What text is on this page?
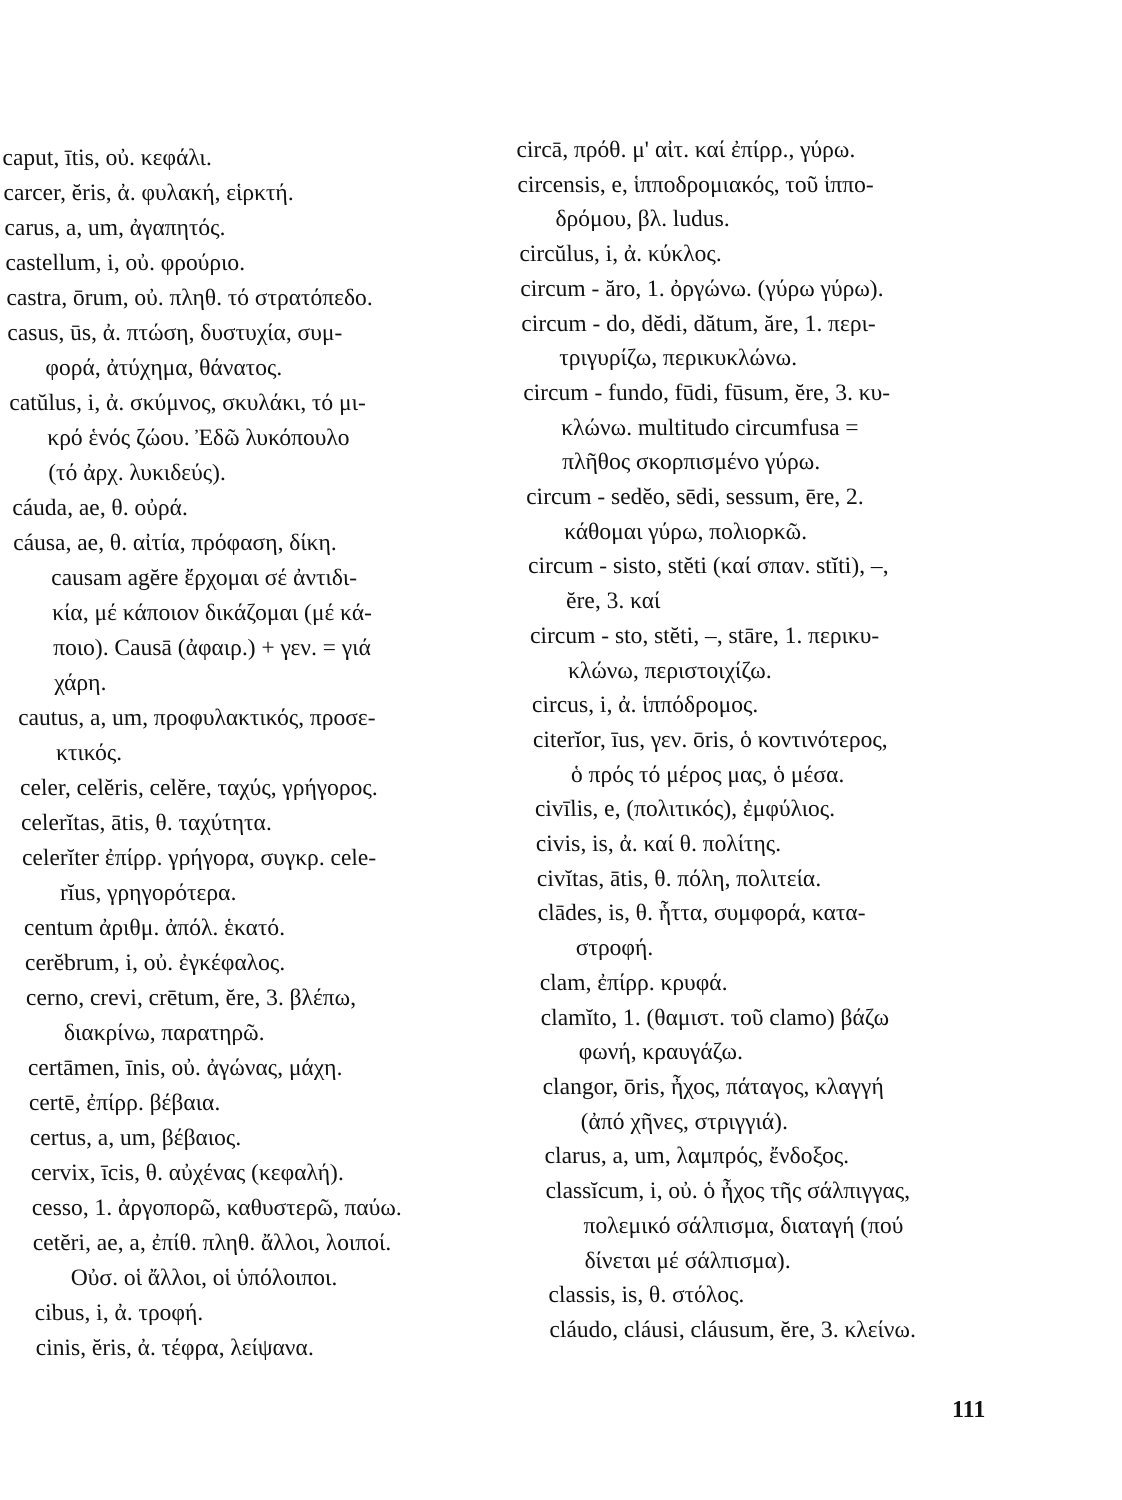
caput, ītis, οὐ. κεφάλι.
carcer, ĕris, ἀ. φυλακή, εἱρκτή.
carus, a, um, ἀγαπητός.
castellum, i, οὐ. φρούριο.
castra, ōrum, οὐ. πληθ. τό στρατόπεδο.
casus, ūs, ἀ. πτώση, δυστυχία, συμ-
φορά, ἀτύχημα, θάνατος.
catŭlus, i, ἀ. σκύμνος, σκυλάκι, τό μι-
κρό ἑνός ζώου. Ἐδῶ λυκόπουλο
(τό ἀρχ. λυκιδεύς).
cáuda, ae, θ. οὐρά.
cáusa, ae, θ. αἰτία, πρόφαση, δίκη.
causam agĕre ἔρχομαι σέ ἀντιδι-
κία, μέ κάποιον δικάζομαι (μέ κά-
ποιο). Causā (ἀφαιρ.) + γεν. = γιά
χάρη.
cautus, a, um, προφυλακτικός, προσε-
κτικός.
celer, celĕris, celĕre, ταχύς, γρήγορος.
celerĭtas, ātis, θ. ταχύτητα.
celerĭter ἐπίρρ. γρήγορα, συγκρ. cele-
rĭus, γρηγορότερα.
centum ἀριθμ. ἀπόλ. ἑκατό.
cerĕbrum, i, οὐ. ἐγκέφαλος.
cerno, crevi, crētum, ĕre, 3. βλέπω,
διακρίνω, παρατηρῶ.
certāmen, īnis, οὐ. ἀγώνας, μάχη.
certē, ἐπίρρ. βέβαια.
certus, a, um, βέβαιος.
cervix, īcis, θ. αὐχένας (κεφαλή).
cesso, 1. ἀργοπορῶ, καθυστερῶ, παύω.
cetĕri, ae, a, ἐπίθ. πληθ. ἄλλοι, λοιποί.
Οὐσ. οἱ ἄλλοι, οἱ ὑπόλοιποι.
cibus, i, ἀ. τροφή.
cinis, ĕris, ἀ. τέφρα, λείψανα.
circā, πρόθ. μ' αἰτ. καί ἐπίρρ., γύρω.
circensis, e, ἱπποδρομιακός, τοῦ ἱππο-
δρόμου, βλ. ludus.
circŭlus, i, ἀ. κύκλος.
circum - ăro, 1. ὀργώνω. (γύρω γύρω).
circum - do, dĕdi, dătum, ăre, 1. περι-
τριγυρίζω, περικυκλώνω.
circum - fundo, fūdi, fūsum, ĕre, 3. κυ-
κλώνω. multitudo circumfusa =
πλῆθος σκορπισμένο γύρω.
circum - sedĕo, sēdi, sessum, ēre, 2.
κάθομαι γύρω, πολιορκῶ.
circum - sisto, stĕti (καί σπαν. stĭti), –,
ĕre, 3. καί
circum - sto, stĕti, –, stāre, 1. περικυ-
κλώνω, περιστοιχίζω.
circus, i, ἀ. ἱππόδρομος.
citerĭor, īus, γεν. ōris, ὁ κοντινότερος,
ὁ πρός τό μέρος μας, ὁ μέσα.
civīlis, e, (πολιτικός), ἐμφύλιος.
civis, is, ἀ. καί θ. πολίτης.
civĭtas, ātis, θ. πόλη, πολιτεία.
clādes, is, θ. ἧττα, συμφορά, κατα-
στροφή.
clam, ἐπίρρ. κρυφά.
clamĭto, 1. (θαμιστ. τοῦ clamo) βάζω
φωνή, κραυγάζω.
clangor, ōris, ἦχος, πάταγος, κλαγγή
(ἀπό χῆνες, στριγγιά).
clarus, a, um, λαμπρός, ἔνδοξος.
classĭcum, i, οὐ. ὁ ἦχος τῆς σάλπιγγας,
πολεμικό σάλπισμα, διαταγή (πού
δίνεται μέ σάλπισμα).
classis, is, θ. στόλος.
cláudo, cláusi, cláusum, ĕre, 3. κλείνω.
111
